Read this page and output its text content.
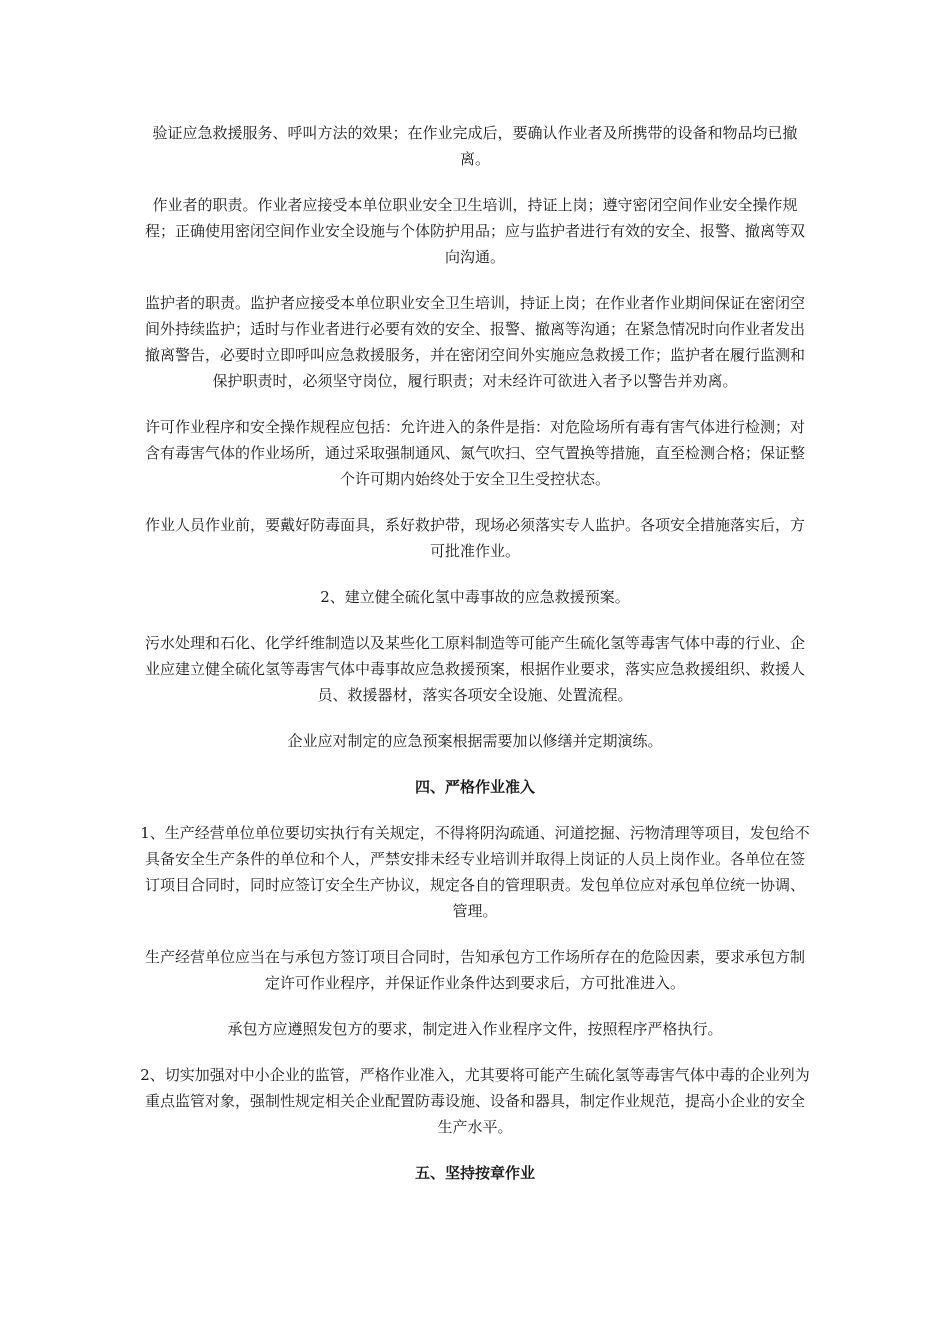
验证应急救援服务、呼叫方法的效果；在作业完成后，要确认作业者及所携带的设备和物品均已撤离。

作业者的职责。作业者应接受本单位职业安全卫生培训，持证上岗；遵守密闭空间作业安全操作规程；正确使用密闭空间作业安全设施与个体防护用品；应与监护者进行有效的安全、报警、撤离等双向沟通。

监护者的职责。监护者应接受本单位职业安全卫生培训，持证上岗；在作业者作业期间保证在密闭空间外持续监护；适时与作业者进行必要有效的安全、报警、撤离等沟通；在紧急情况时向作业者发出撤离警告，必要时立即呼叫应急救援服务，并在密闭空间外实施应急救援工作；监护者在履行监测和保护职责时，必须坚守岗位，履行职责；对未经许可欲进入者予以警告并劝离。

许可作业程序和安全操作规程应包括：允许进入的条件是指：对危险场所有毒有害气体进行检测；对含有毒害气体的作业场所，通过采取强制通风、氮气吹扫、空气置换等措施，直至检测合格；保证整个许可期内始终处于安全卫生受控状态。

作业人员作业前，要戴好防毒面具，系好救护带，现场必须落实专人监护。各项安全措施落实后，方可批准作业。

2、建立健全硫化氢中毒事故的应急救援预案。

污水处理和石化、化学纤维制造以及某些化工原料制造等可能产生硫化氢等毒害气体中毒的行业、企业应建立健全硫化氢等毒害气体中毒事故应急救援预案，根据作业要求，落实应急救援组织、救援人员、救援器材，落实各项安全设施、处置流程。

企业应对制定的应急预案根据需要加以修缮并定期演练。

四、严格作业准入

1、生产经营单位单位要切实执行有关规定，不得将阴沟疏通、河道挖掘、污物清理等项目，发包给不具备安全生产条件的单位和个人，严禁安排未经专业培训并取得上岗证的人员上岗作业。各单位在签订项目合同时，同时应签订安全生产协议，规定各自的管理职责。发包单位应对承包单位统一协调、管理。

生产经营单位应当在与承包方签订项目合同时，告知承包方工作场所存在的危险因素，要求承包方制定许可作业程序，并保证作业条件达到要求后，方可批准进入。

承包方应遵照发包方的要求，制定进入作业程序文件，按照程序严格执行。

2、切实加强对中小企业的监管，严格作业准入，尤其要将可能产生硫化氢等毒害气体中毒的企业列为重点监管对象，强制性规定相关企业配置防毒设施、设备和器具，制定作业规范，提高小企业的安全生产水平。

五、坚持按章作业
